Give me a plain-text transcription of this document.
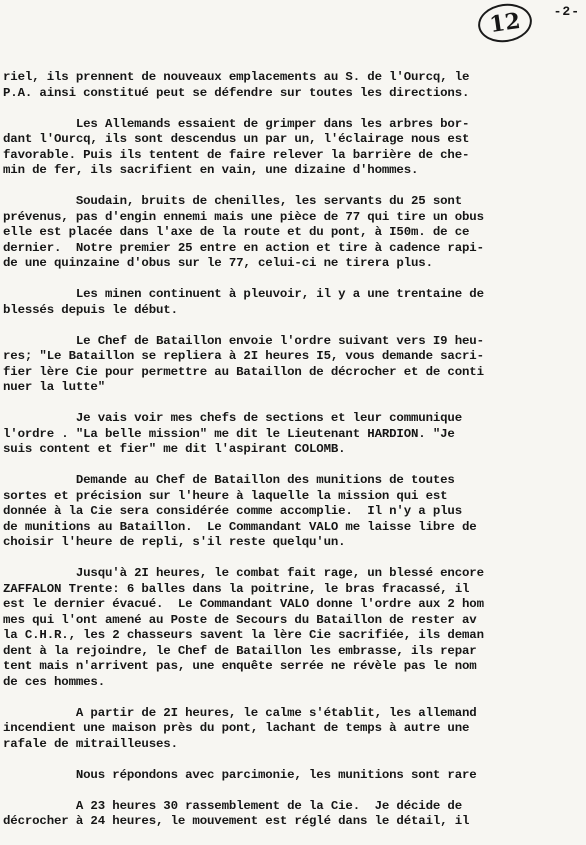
12 -2-
riel, ils prennent de nouveaux emplacements au S. de l'Ourcq, le
P.A. ainsi constitué peut se défendre sur toutes les directions.
Les Allemands essaient de grimper dans les arbres bor-
dant l'Ourcq, ils sont descendus un par un, l'éclairage nous est
favorable. Puis ils tentent de faire relever la barrière de che-
min de fer, ils sacrifient en vain, une dizaine d'hommes.
Soudain, bruits de chenilles, les servants du 25 sont
prévenus, pas d'engin ennemi mais une pièce de 77 qui tire un obus
elle est placée dans l'axe de la route et du pont, à I50m. de ce
dernier.  Notre premier 25 entre en action et tire à cadence rapi-
de une quinzaine d'obus sur le 77, celui-ci ne tirera plus.
Les minen continuent à pleuvoir, il y a une trentaine de
blessés depuis le début.
Le Chef de Bataillon envoie l'ordre suivant vers I9 heu-
res; "Le Bataillon se repliera à 2I heures I5, vous demande sacri-
fier lère Cie pour permettre au Bataillon de décrocher et de conti
nuer la lutte"
Je vais voir mes chefs de sections et leur communique
l'ordre . "La belle mission" me dit le Lieutenant HARDION. "Je
suis content et fier" me dit l'aspirant COLOMB.
Demande au Chef de Bataillon des munitions de toutes
sortes et précision sur l'heure à laquelle la mission qui est
donnée à la Cie sera considérée comme accomplie.  Il n'y a plus
de munitions au Bataillon.  Le Commandant VALO me laisse libre de
choisir l'heure de repli, s'il reste quelqu'un.
Jusqu'à 2I heures, le combat fait rage, un blessé encore
ZAFFALON Trente: 6 balles dans la poitrine, le bras fracassé, il
est le dernier évacué.  Le Commandant VALO donne l'ordre aux 2 hom
mes qui l'ont amené au Poste de Secours du Bataillon de rester av
la C.H.R., les 2 chasseurs savent la lère Cie sacrifiée, ils deman
dent à la rejoindre, le Chef de Bataillon les embrasse, ils repar
tent mais n'arrivent pas, une enquête serrée ne révèle pas le nom
de ces hommes.
A partir de 2I heures, le calme s'établit, les allemand
incendient une maison près du pont, lachant de temps à autre une
rafale de mitrailleuses.
Nous répondons avec parcimonie, les munitions sont rare
A 23 heures 30 rassemblement de la Cie.  Je décide de
décrocher à 24 heures, le mouvement est réglé dans le détail, il
